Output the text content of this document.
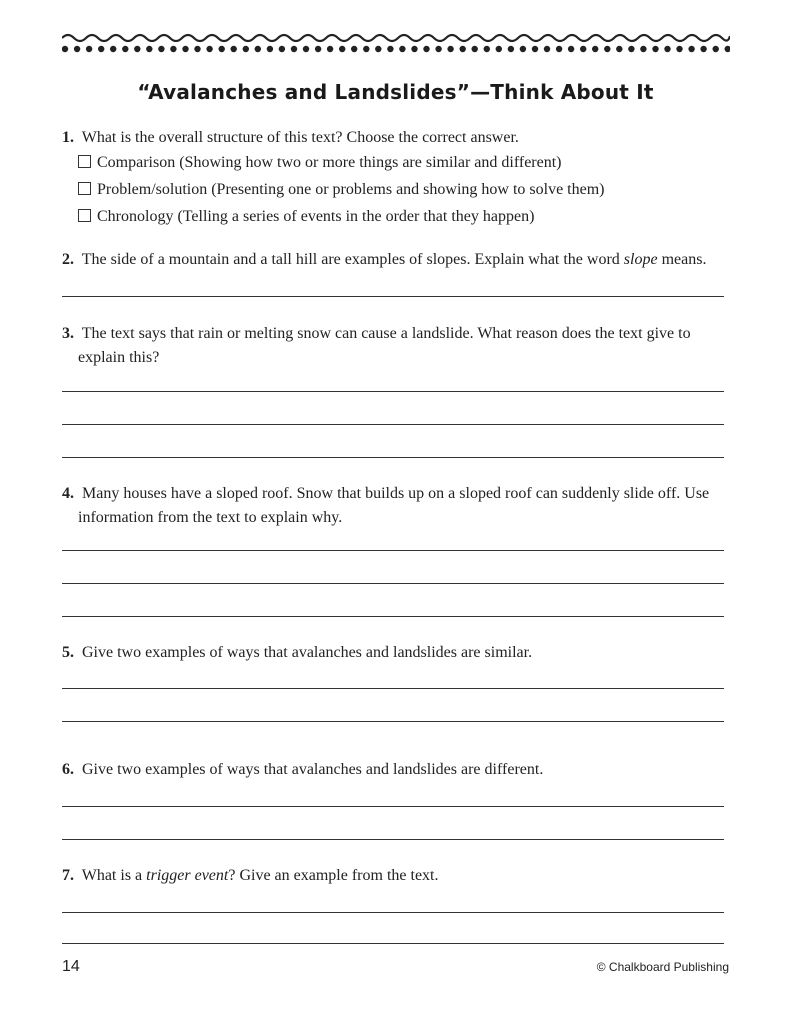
“Avalanches and Landslides”—Think About It
1. What is the overall structure of this text? Choose the correct answer.
Comparison (Showing how two or more things are similar and different)
Problem/solution (Presenting one or problems and showing how to solve them)
Chronology (Telling a series of events in the order that they happen)
2. The side of a mountain and a tall hill are examples of slopes. Explain what the word slope means.
3. The text says that rain or melting snow can cause a landslide. What reason does the text give to
explain this?
4. Many houses have a sloped roof. Snow that builds up on a sloped roof can suddenly slide off. Use
information from the text to explain why.
5. Give two examples of ways that avalanches and landslides are similar.
6. Give two examples of ways that avalanches and landslides are different.
7. What is a trigger event? Give an example from the text.
14	© Chalkboard Publishing
